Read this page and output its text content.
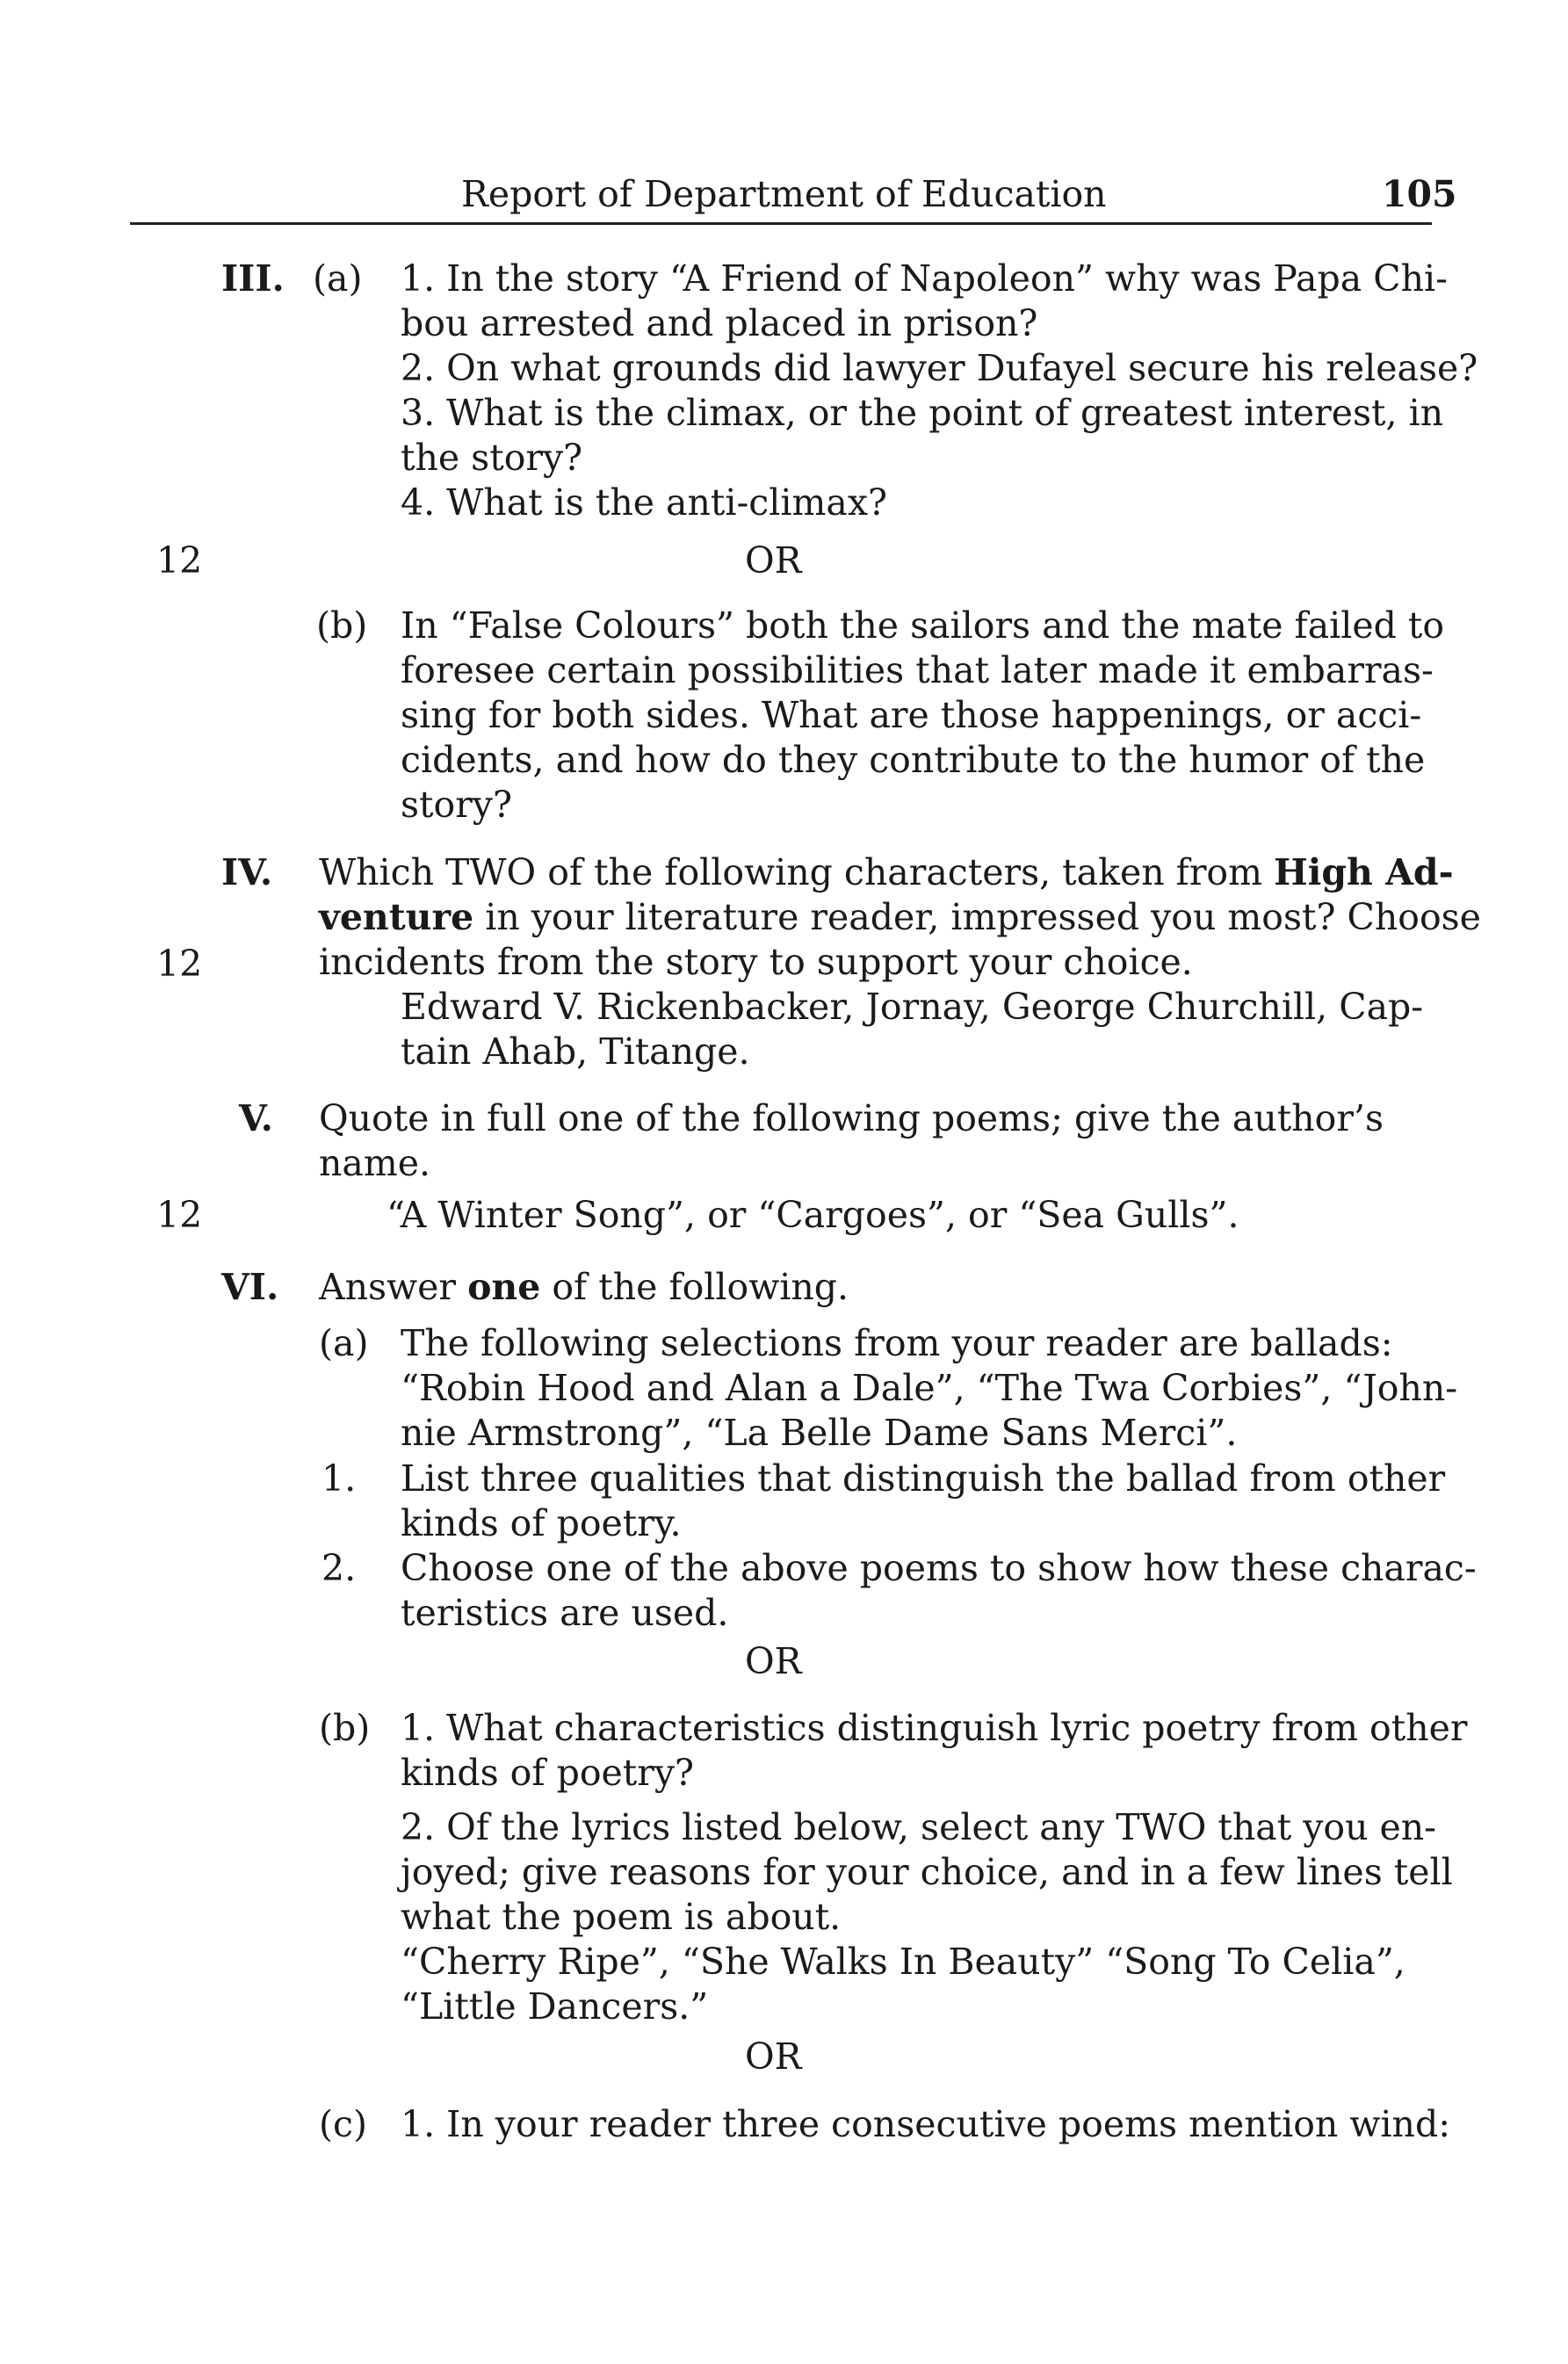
Report of Department of Education	105
12
12
12
III. (a) 1. In the story “A Friend of Napoleon” why was Papa Chi-
bou arrested and placed in prison?
2. On what grounds did lawyer Dufayel secure his release?
3. What is the climax, or the point of greatest interest, in
the story?
4. What is the anti-climax?
OR
(b) In “False Colours” both the sailors and the mate failed to
foresee certain possibilities that later made it embarras-
sing for both sides. What are those happenings, or acci-
cidents, and how do they contribute to the humor of the
story?
IV. Which TWO of the following characters, taken from High Ad-
venture in your literature reader, impressed you most? Choose
incidents from the story to support your choice.
Edward V. Rickenbacker, Jornay, George Churchill, Cap-
tain Ahab, Titange.
V. Quote in full one of the following poems; give the author’s
name.
“A Winter Song”, or “Cargoes”, or “Sea Gulls”.
VI. Answer one of the following.
(a) The following selections from your reader are ballads:
“Robin Hood and Alan a Dale”, “The Twa Corbies”, “John-
nie Armstrong”, “La Belle Dame Sans Merci”.
1. List three qualities that distinguish the ballad from other
kinds of poetry.
2. Choose one of the above poems to show how these charac-
teristics are used.
OR
(b) 1. What characteristics distinguish lyric poetry from other
kinds of poetry?
2. Of the lyrics listed below, select any TWO that you en-
joyed; give reasons for your choice, and in a few lines tell
what the poem is about.
“Cherry Ripe”, “She Walks In Beauty” “Song To Celia”,
“Little Dancers.”
OR
(c) 1. In your reader three consecutive poems mention wind:
